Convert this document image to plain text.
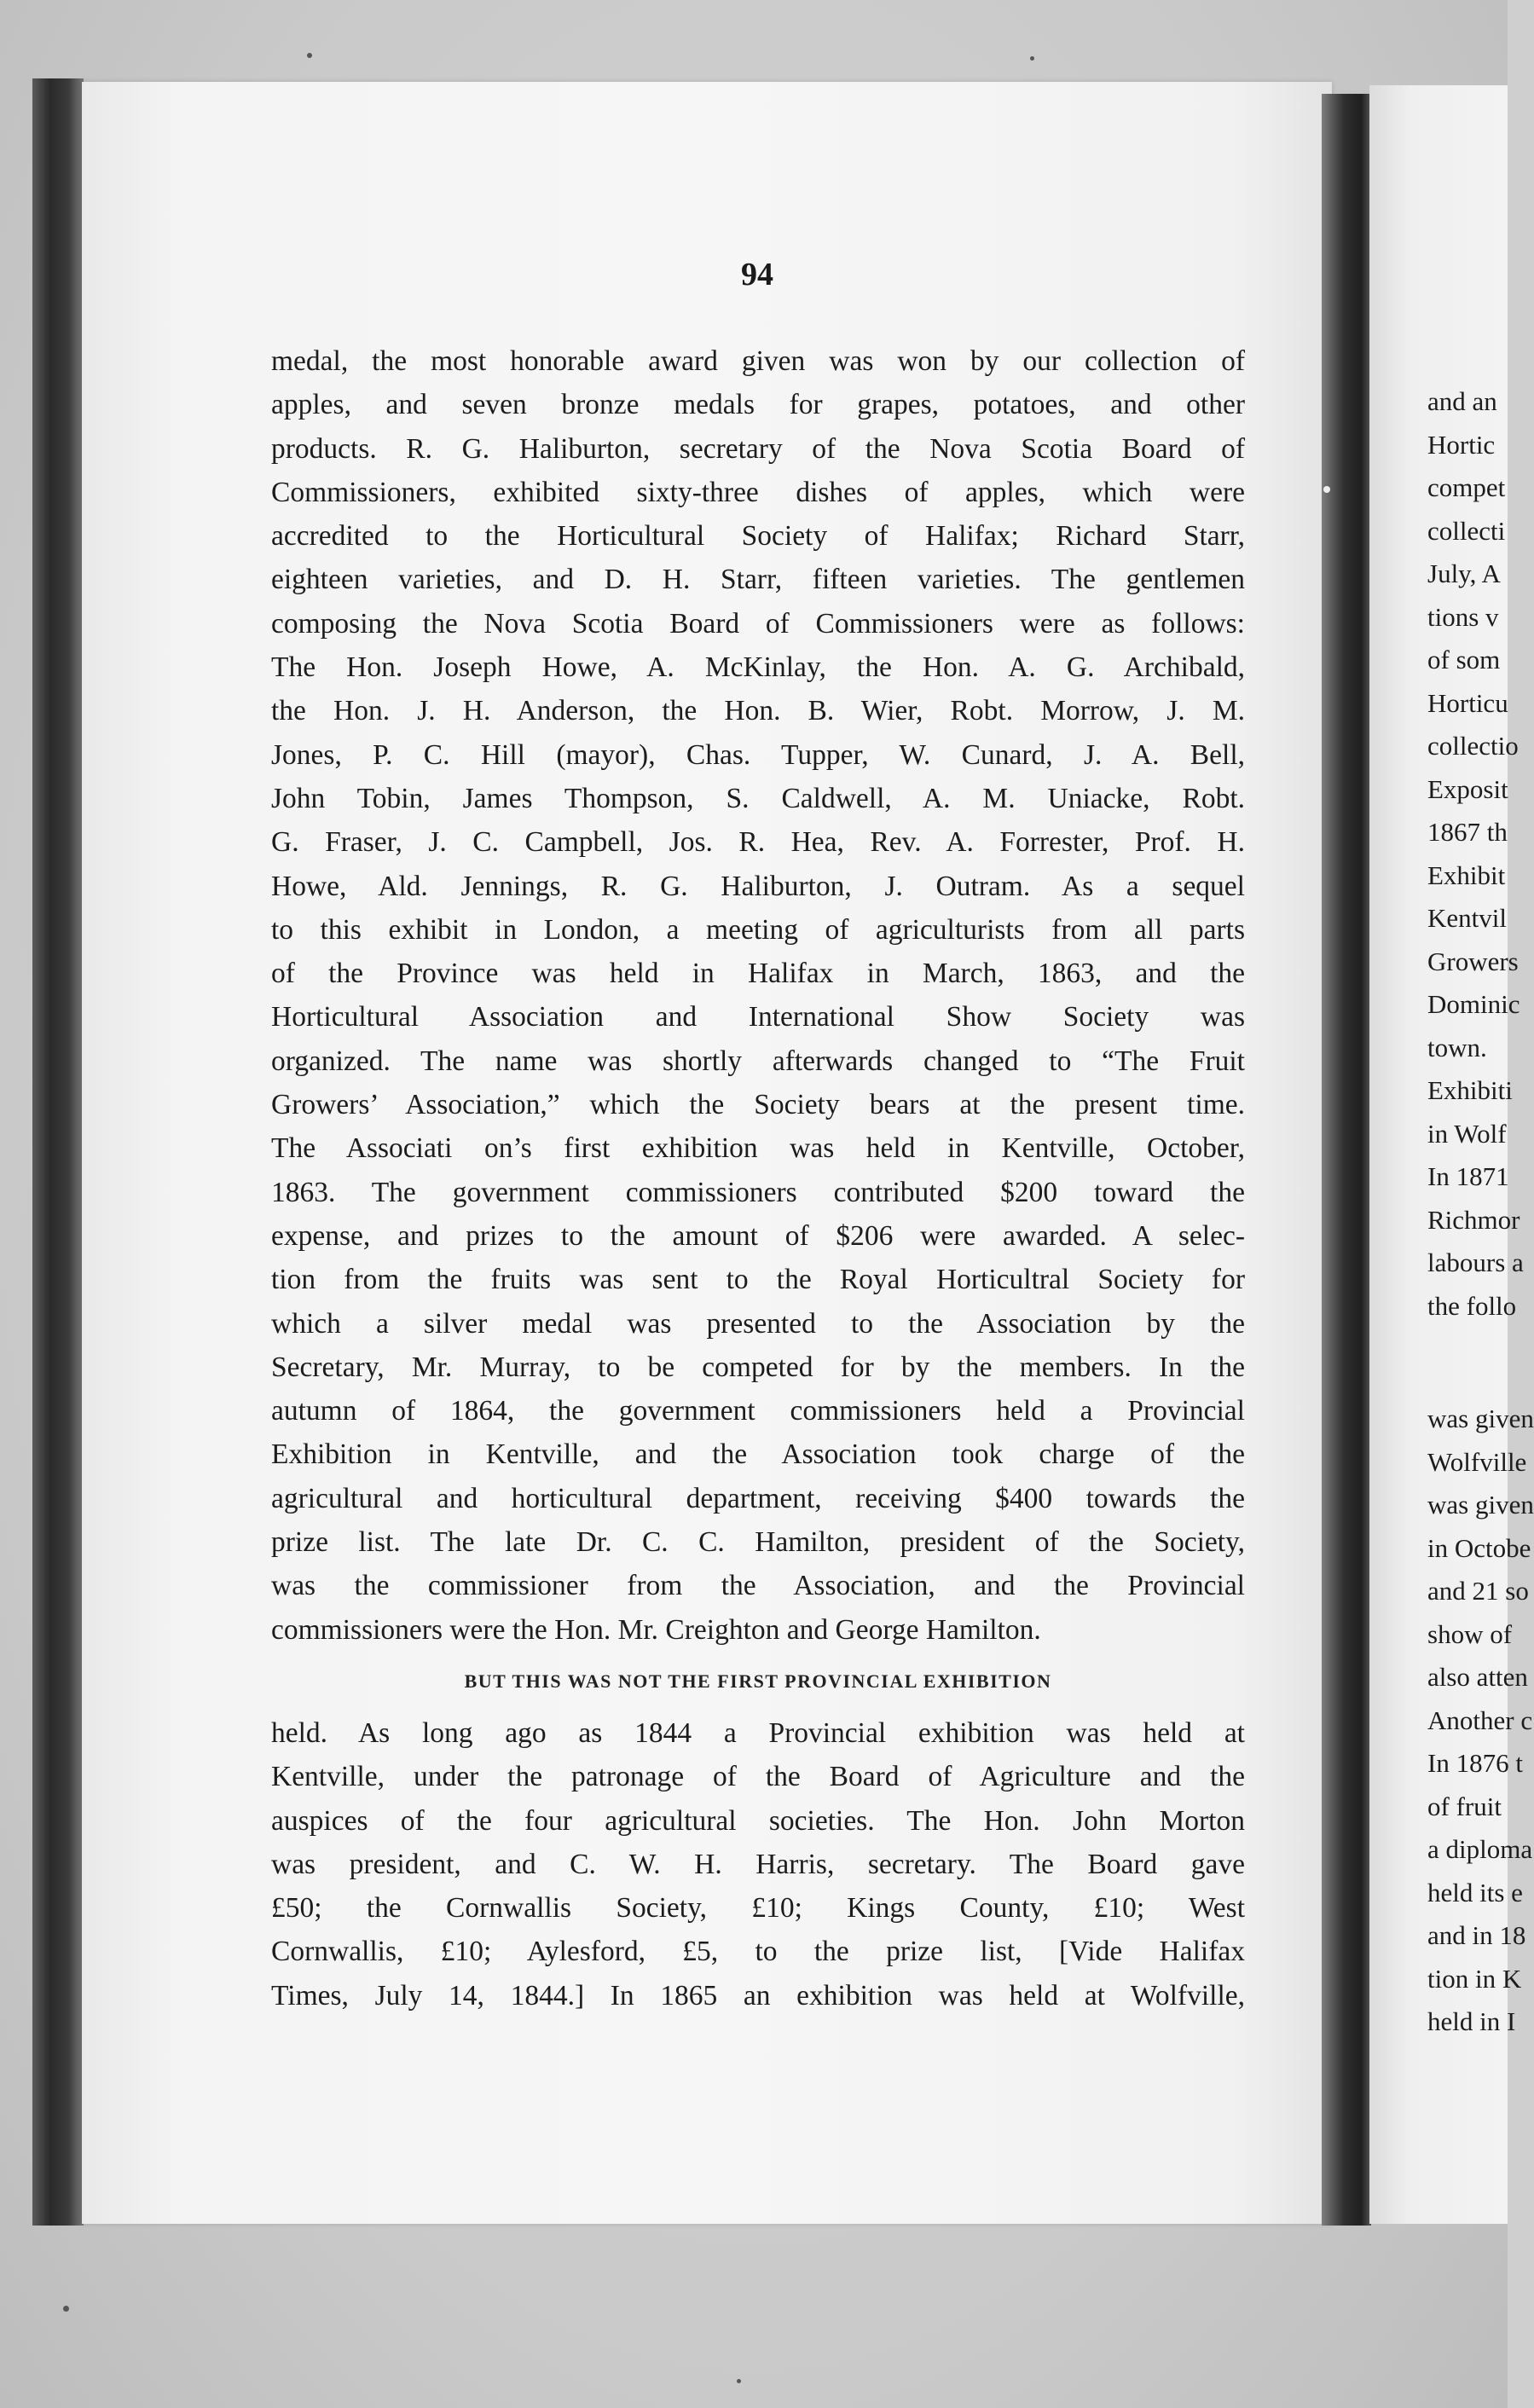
94
medal, the most honorable award given was won by our collection of
apples, and seven bronze medals for grapes, potatoes, and other
products. R. G. Haliburton, secretary of the Nova Scotia Board of
Commissioners, exhibited sixty-three dishes of apples, which were
accredited to the Horticultural Society of Halifax; Richard Starr,
eighteen varieties, and D. H. Starr, fifteen varieties. The gentlemen
composing the Nova Scotia Board of Commissioners were as follows:
The Hon. Joseph Howe, A. McKinlay, the Hon. A. G. Archibald,
the Hon. J. H. Anderson, the Hon. B. Wier, Robt. Morrow, J. M.
Jones, P. C. Hill (mayor), Chas. Tupper, W. Cunard, J. A. Bell,
John Tobin, James Thompson, S. Caldwell, A. M. Uniacke, Robt.
G. Fraser, J. C. Campbell, Jos. R. Hea, Rev. A. Forrester, Prof. H.
Howe, Ald. Jennings, R. G. Haliburton, J. Outram. As a sequel
to this exhibit in London, a meeting of agriculturists from all parts
of the Province was held in Halifax in March, 1863, and the
Horticultural Association and International Show Society was
organized. The name was shortly afterwards changed to “The Fruit
Growers’ Association,” which the Society bears at the present time.
The Associati on’s first exhibition was held in Kentville, October,
1863. The government commissioners contributed $200 toward the
expense, and prizes to the amount of $206 were awarded. A selec-
tion from the fruits was sent to the Royal Horticultral Society for
which a silver medal was presented to the Association by the
Secretary, Mr. Murray, to be competed for by the members. In the
autumn of 1864, the government commissioners held a Provincial
Exhibition in Kentville, and the Association took charge of the
agricultural and horticultural department, receiving $400 towards the
prize list. The late Dr. C. C. Hamilton, president of the Society,
was the commissioner from the Association, and the Provincial
commissioners were the Hon. Mr. Creighton and George Hamilton.
BUT THIS WAS NOT THE FIRST PROVINCIAL EXHIBITION
held. As long ago as 1844 a Provincial exhibition was held at
Kentville, under the patronage of the Board of Agriculture and the
auspices of the four agricultural societies. The Hon. John Morton
was president, and C. W. H. Harris, secretary. The Board gave
£50; the Cornwallis Society, £10; Kings County, £10; West
Cornwallis, £10; Aylesford, £5, to the prize list, [Vide Halifax
Times, July 14, 1844.] In 1865 an exhibition was held at Wolfville,
and an
Hortic
compet
collecti
July, A
tions v
of som
Horticu
collectio
Exposit
1867 th
Exhibit
Kentvil
Growers
Dominic
town.
Exhibiti
in Wolf
In 1871
Richmor
labours a
the follo
was given
Wolfville
was given
in Octobe
and 21 so
show of
also atten
Another c
In 1876 t
of fruit
a diploma
held its e
and in 18
tion in K
held in I
